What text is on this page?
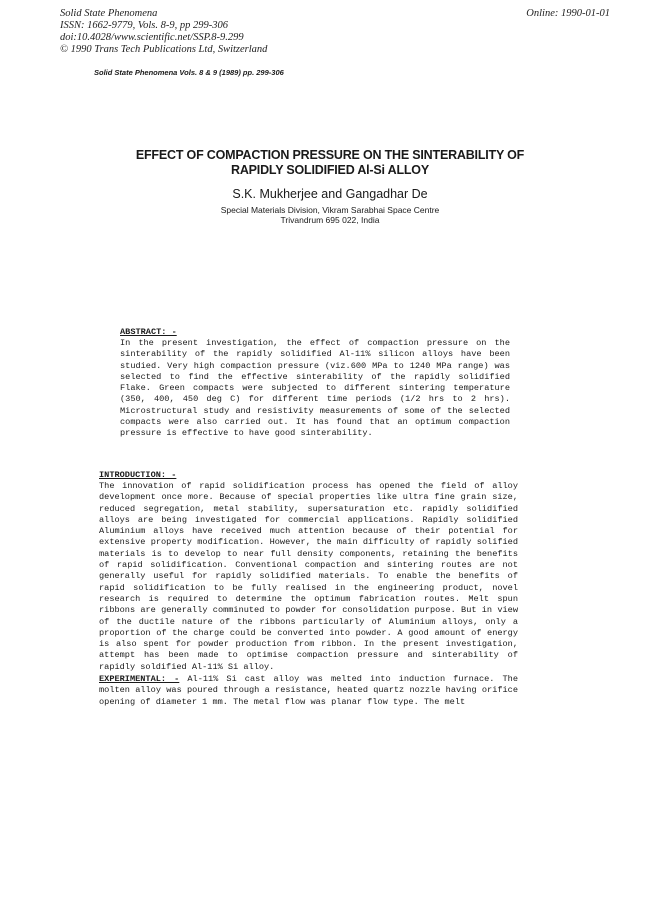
Solid State Phenomena
ISSN: 1662-9779, Vols. 8-9, pp 299-306
doi:10.4028/www.scientific.net/SSP.8-9.299
© 1990 Trans Tech Publications Ltd, Switzerland
Online: 1990-01-01
Solid State Phenomena Vols. 8 & 9 (1989) pp. 299-306
EFFECT OF COMPACTION PRESSURE ON THE SINTERABILITY OF
RAPIDLY SOLIDIFIED Al-Si ALLOY
S.K. Mukherjee and Gangadhar De
Special Materials Division, Vikram Sarabhai Space Centre
Trivandrum 695 022, India
ABSTRACT: -
In the present investigation, the effect of compaction pressure on the sinterability of the rapidly solidified Al-11% silicon alloys have been studied. Very high compaction pressure (viz.600 MPa to 1240 MPa range) was selected to find the effective sinterability of the rapidly solidified Flake. Green compacts were subjected to different sintering temperature (350, 400, 450 deg C) for different time periods (1/2 hrs to 2 hrs). Microstructural study and resistivity measurements of some of the selected compacts were also carried out. It has found that an optimum compaction pressure is effective to have good sinterability.
INTRODUCTION: -
The innovation of rapid solidification process has opened the field of alloy development once more. Because of special properties like ultra fine grain size, reduced segregation, metal stability, supersaturation etc. rapidly solidified alloys are being investigated for commercial applications. Rapidly solidified Aluminium alloys have received much attention because of their potential for extensive property modification. However, the main difficulty of rapidly solified materials is to develop to near full density components, retaining the benefits of rapid solidification. Conventional compaction and sintering routes are not generally useful for rapidly solidified materials. To enable the benefits of rapid solidification to be fully realised in the engineering product, novel research is required to determine the optimum fabrication routes. Melt spun ribbons are generally comminuted to powder for consolidation purpose. But in view of the ductile nature of the ribbons particularly of Aluminium alloys, only a proportion of the charge could be converted into powder. A good amount of energy is also spent for powder production from ribbon. In the present investigation, attempt has been made to optimise compaction pressure and sinterability of rapidly soldified Al-11% Si alloy.
EXPERIMENTAL: - Al-11% Si cast alloy was melted into induction furnace. The molten alloy was poured through a resistance, heated quartz nozzle having orifice opening of diameter 1 mm. The metal flow was planar flow type. The melt
